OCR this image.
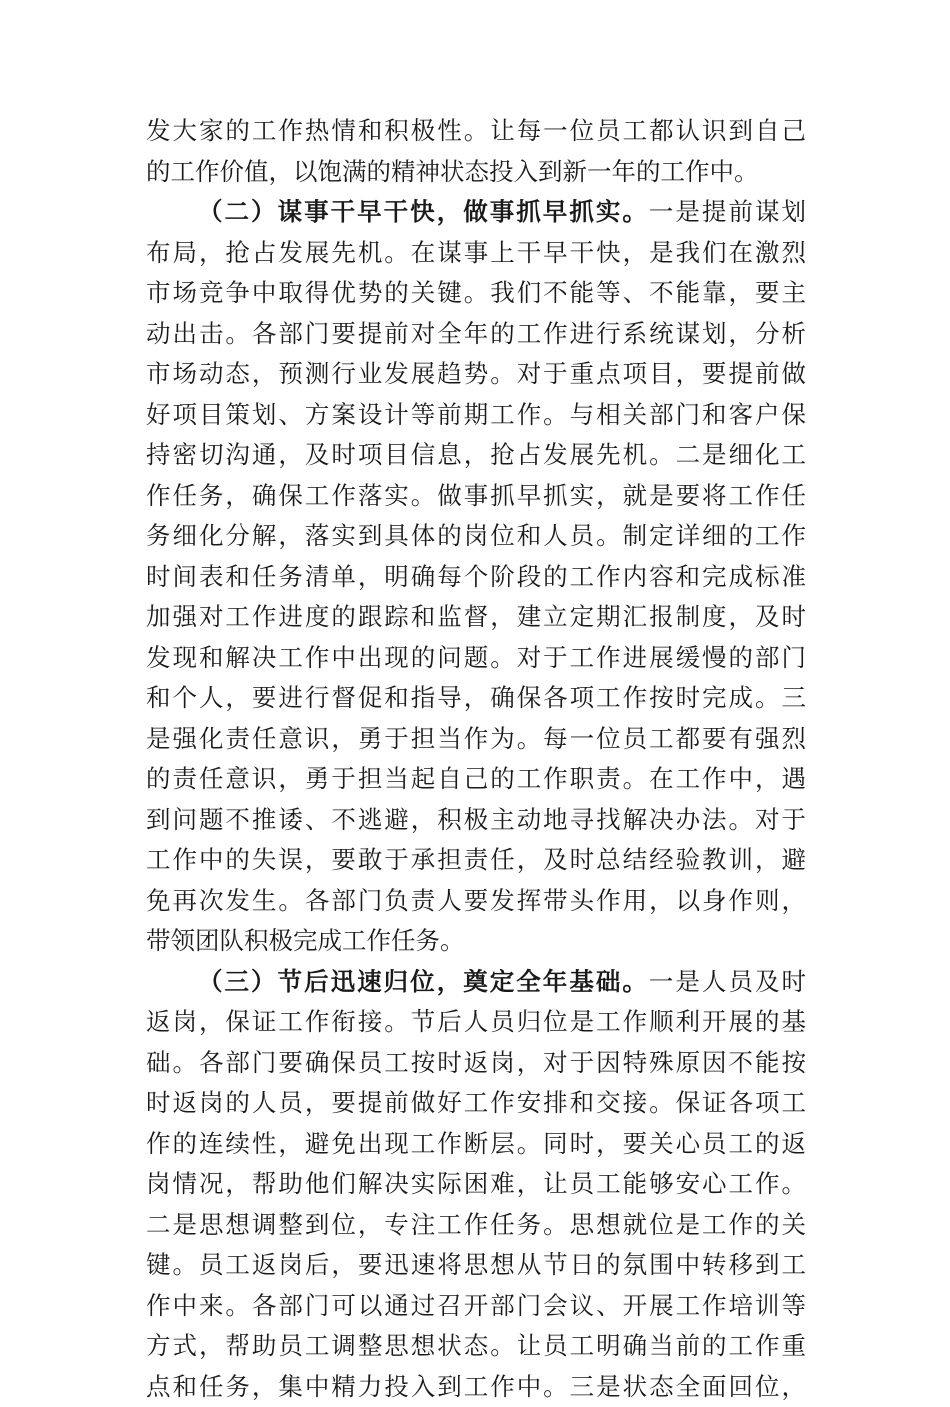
发大家的工作热情和积极性。让每一位员工都认识到自己
的工作价值，以饱满的精神状态投入到新一年的工作中。
（二）谋事干早干快，做事抓早抓实。一是提前谋划
布局，抢占发展先机。在谋事上干早干快，是我们在激烈
市场竞争中取得优势的关键。我们不能等、不能靠，要主
动出击。各部门要提前对全年的工作进行系统谋划，分析
市场动态，预测行业发展趋势。对于重点项目，要提前做
好项目策划、方案设计等前期工作。与相关部门和客户保
持密切沟通，及时项目信息，抢占发展先机。二是细化工
作任务，确保工作落实。做事抓早抓实，就是要将工作任
务细化分解，落实到具体的岗位和人员。制定详细的工作
时间表和任务清单，明确每个阶段的工作内容和完成标准
加强对工作进度的跟踪和监督，建立定期汇报制度，及时
发现和解决工作中出现的问题。对于工作进展缓慢的部门
和个人，要进行督促和指导，确保各项工作按时完成。三
是强化责任意识，勇于担当作为。每一位员工都要有强烈
的责任意识，勇于担当起自己的工作职责。在工作中，遇
到问题不推诿、不逃避，积极主动地寻找解决办法。对于
工作中的失误，要敢于承担责任，及时总结经验教训，避
免再次发生。各部门负责人要发挥带头作用，以身作则，
带领团队积极完成工作任务。
（三）节后迅速归位，奠定全年基础。一是人员及时
返岗，保证工作衔接。节后人员归位是工作顺利开展的基
础。各部门要确保员工按时返岗，对于因特殊原因不能按
时返岗的人员，要提前做好工作安排和交接。保证各项工
作的连续性，避免出现工作断层。同时，要关心员工的返
岗情况，帮助他们解决实际困难，让员工能够安心工作。
二是思想调整到位，专注工作任务。思想就位是工作的关
键。员工返岗后，要迅速将思想从节日的氛围中转移到工
作中来。各部门可以通过召开部门会议、开展工作培训等
方式，帮助员工调整思想状态。让员工明确当前的工作重
点和任务，集中精力投入到工作中。三是状态全面回位，
